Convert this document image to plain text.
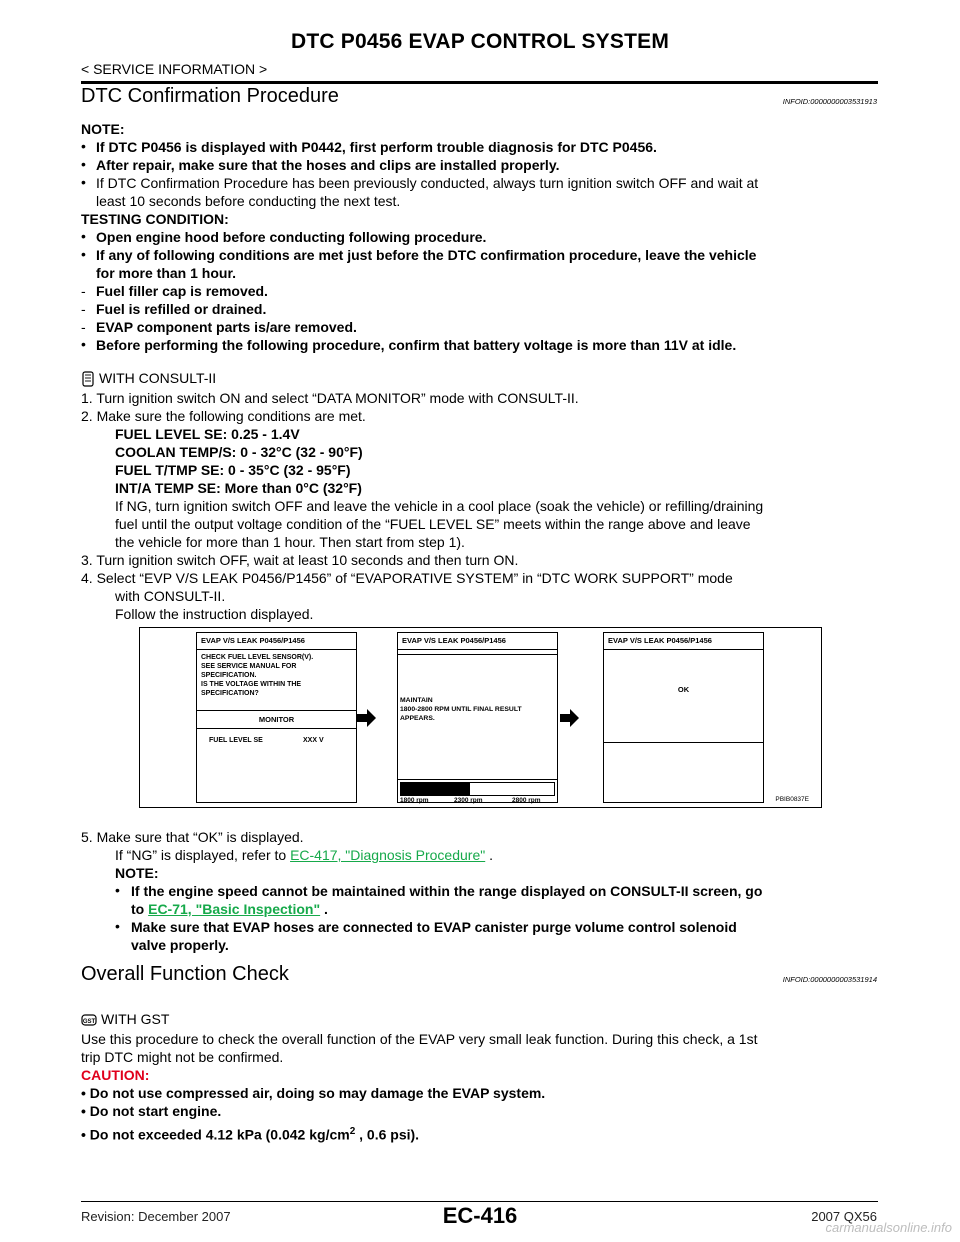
DTC P0456 EVAP CONTROL SYSTEM
< SERVICE INFORMATION >
DTC Confirmation Procedure	INFOID:0000000003531913
NOTE:
• If DTC P0456 is displayed with P0442, first perform trouble diagnosis for DTC P0456.
• After repair, make sure that the hoses and clips are installed properly.
• If DTC Confirmation Procedure has been previously conducted, always turn ignition switch OFF and wait at
least 10 seconds before conducting the next test.
TESTING CONDITION:
• Open engine hood before conducting following procedure.
• If any of following conditions are met just before the DTC confirmation procedure, leave the vehicle
for more than 1 hour.
- Fuel filler cap is removed.
- Fuel is refilled or drained.
- EVAP component parts is/are removed.
• Before performing the following procedure, confirm that battery voltage is more than 11V at idle.
WITH CONSULT-II
1. Turn ignition switch ON and select “DATA MONITOR” mode with CONSULT-II.
2. Make sure the following conditions are met.
FUEL LEVEL SE: 0.25 - 1.4V
COOLAN TEMP/S: 0 - 32°C (32 - 90°F)
FUEL T/TMP SE: 0 - 35°C (32 - 95°F)
INT/A TEMP SE: More than 0°C (32°F)
If NG, turn ignition switch OFF and leave the vehicle in a cool place (soak the vehicle) or refilling/draining
fuel until the output voltage condition of the “FUEL LEVEL SE” meets within the range above and leave
the vehicle for more than 1 hour. Then start from step 1).
3. Turn ignition switch OFF, wait at least 10 seconds and then turn ON.
4. Select “EVP V/S LEAK P0456/P1456” of “EVAPORATIVE SYSTEM” in “DTC WORK SUPPORT” mode
with CONSULT-II.
Follow the instruction displayed.
EVAP V/S LEAK P0456/P1456
CHECK FUEL LEVEL SENSOR(V).
SEE SERVICE MANUAL FOR
SPECIFICATION.
IS THE VOLTAGE WITHIN THE
SPECIFICATION?
MONITOR
FUEL LEVEL SE	XXX V
EVAP V/S LEAK P0456/P1456
MAINTAIN
1800-2800 RPM UNTIL FINAL RESULT
APPEARS.
1800 rpm	2300 rpm	2800 rpm
EVAP V/S LEAK P0456/P1456
OK
PBIB0837E
5. Make sure that “OK” is displayed.
If “NG” is displayed, refer to EC-417, "Diagnosis Procedure" .
NOTE:
• If the engine speed cannot be maintained within the range displayed on CONSULT-II screen, go
to EC-71, "Basic Inspection" .
• Make sure that EVAP hoses are connected to EVAP canister purge volume control solenoid
valve properly.
Overall Function Check	INFOID:0000000003531914
GST WITH GST
Use this procedure to check the overall function of the EVAP very small leak function. During this check, a 1st
trip DTC might not be confirmed.
CAUTION:
• Do not use compressed air, doing so may damage the EVAP system.
• Do not start engine.
• Do not exceeded 4.12 kPa (0.042 $kg/cm^2$ , 0.6 psi).
EC-416
Revision: December 2007	2007 QX56
carmanualsonline.info
